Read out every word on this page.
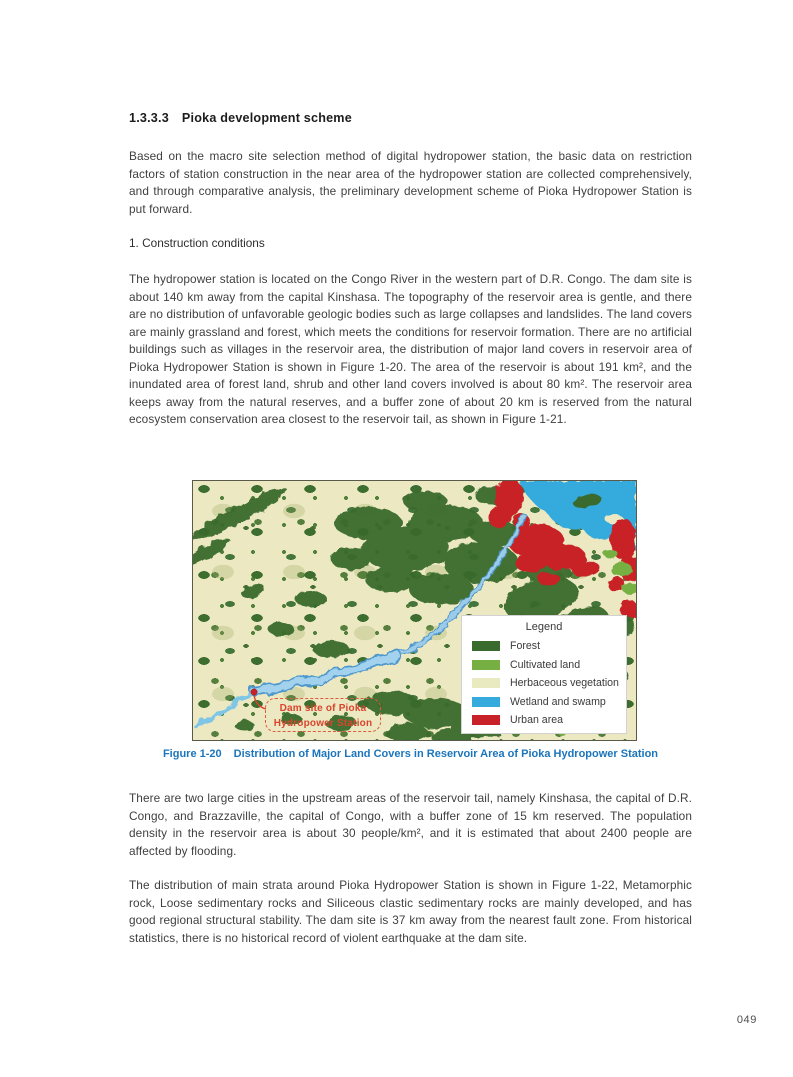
1.3.3.3 Pioka development scheme
Based on the macro site selection method of digital hydropower station, the basic data on restriction factors of station construction in the near area of the hydropower station are collected comprehensively, and through comparative analysis, the preliminary development scheme of Pioka Hydropower Station is put forward.
1. Construction conditions
The hydropower station is located on the Congo River in the western part of D.R. Congo. The dam site is about 140 km away from the capital Kinshasa. The topography of the reservoir area is gentle, and there are no distribution of unfavorable geologic bodies such as large collapses and landslides. The land covers are mainly grassland and forest, which meets the conditions for reservoir formation. There are no artificial buildings such as villages in the reservoir area, the distribution of major land covers in reservoir area of Pioka Hydropower Station is shown in Figure 1-20. The area of the reservoir is about 191 km², and the inundated area of forest land, shrub and other land covers involved is about 80 km². The reservoir area keeps away from the natural reserves, and a buffer zone of about 20 km is reserved from the natural ecosystem conservation area closest to the reservoir tail, as shown in Figure 1-21.
Dam site of Pioka
Hydropower Station
Legend
Forest
Cultivated land
Herbaceous vegetation
Wetland and swamp
Urban area
Figure 1-20 Distribution of Major Land Covers in Reservoir Area of Pioka Hydropower Station
There are two large cities in the upstream areas of the reservoir tail, namely Kinshasa, the capital of D.R. Congo, and Brazzaville, the capital of Congo, with a buffer zone of 15 km reserved. The population density in the reservoir area is about 30 people/km², and it is estimated that about 2400 people are affected by flooding.
The distribution of main strata around Pioka Hydropower Station is shown in Figure 1-22, Metamorphic rock, Loose sedimentary rocks and Siliceous clastic sedimentary rocks are mainly developed, and has good regional structural stability. The dam site is 37 km away from the nearest fault zone. From historical statistics, there is no historical record of violent earthquake at the dam site.
049
